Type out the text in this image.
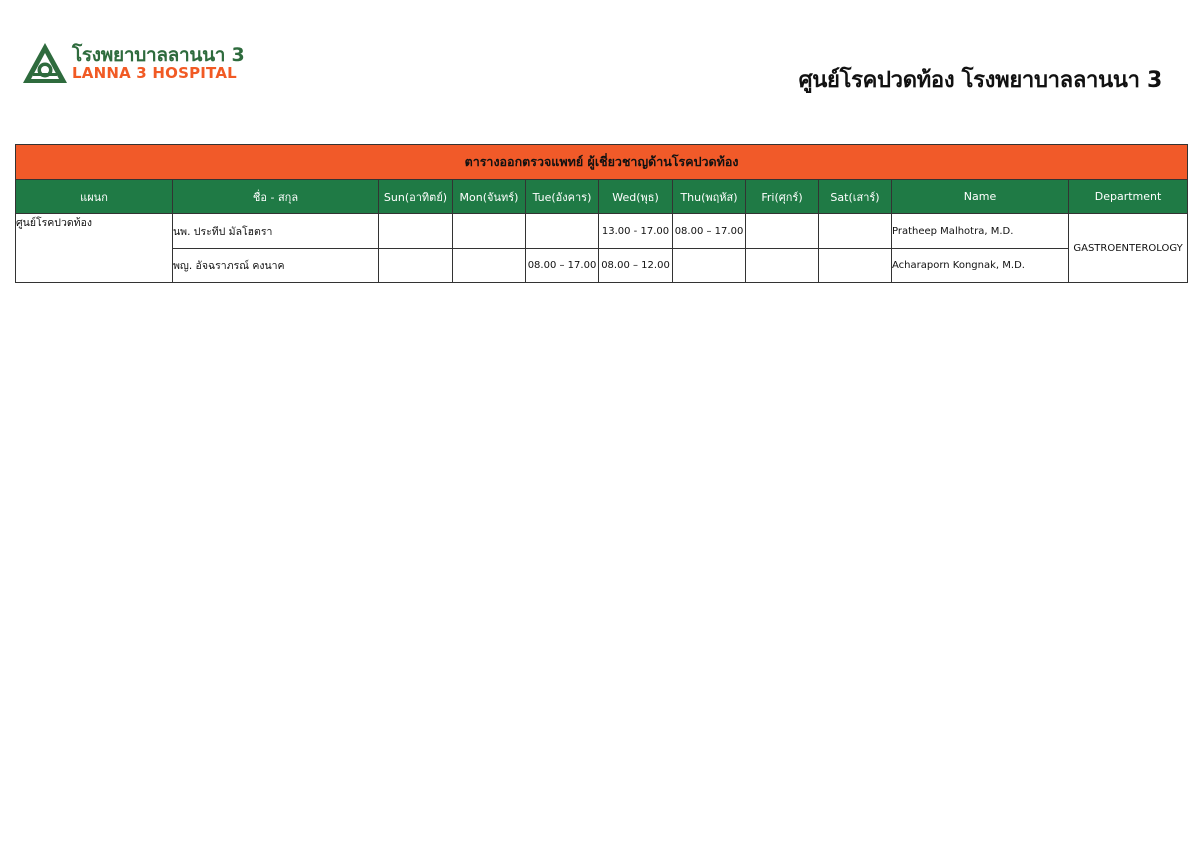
โรงพยาบาลลานนา 3
LANNA 3 HOSPITAL	ศูนย์โรคปวดท้อง โรงพยาบาลลานนา 3
ตารางออกตรวจแพทย์ ผู้เชี่ยวชาญด้านโรคปวดท้อง										
แผนก	ชื่อ - สกุล	Sun(อาทิตย์)	Mon(จันทร์)	Tue(อังคาร)	Wed(พุธ)	Thu(พฤหัส)	Fri(ศุกร์)	Sat(เสาร์)	Name	Department
ศูนย์โรคปวดท้อง	นพ. ประทีป มัลโฮตรา				13.00 - 17.00	08.00 – 17.00			Pratheep Malhotra, M.D.	GASTROENTEROLOGY
	พญ. อัจฉราภรณ์ คงนาค			08.00 – 17.00	08.00 – 12.00				Acharaporn Kongnak, M.D.	
